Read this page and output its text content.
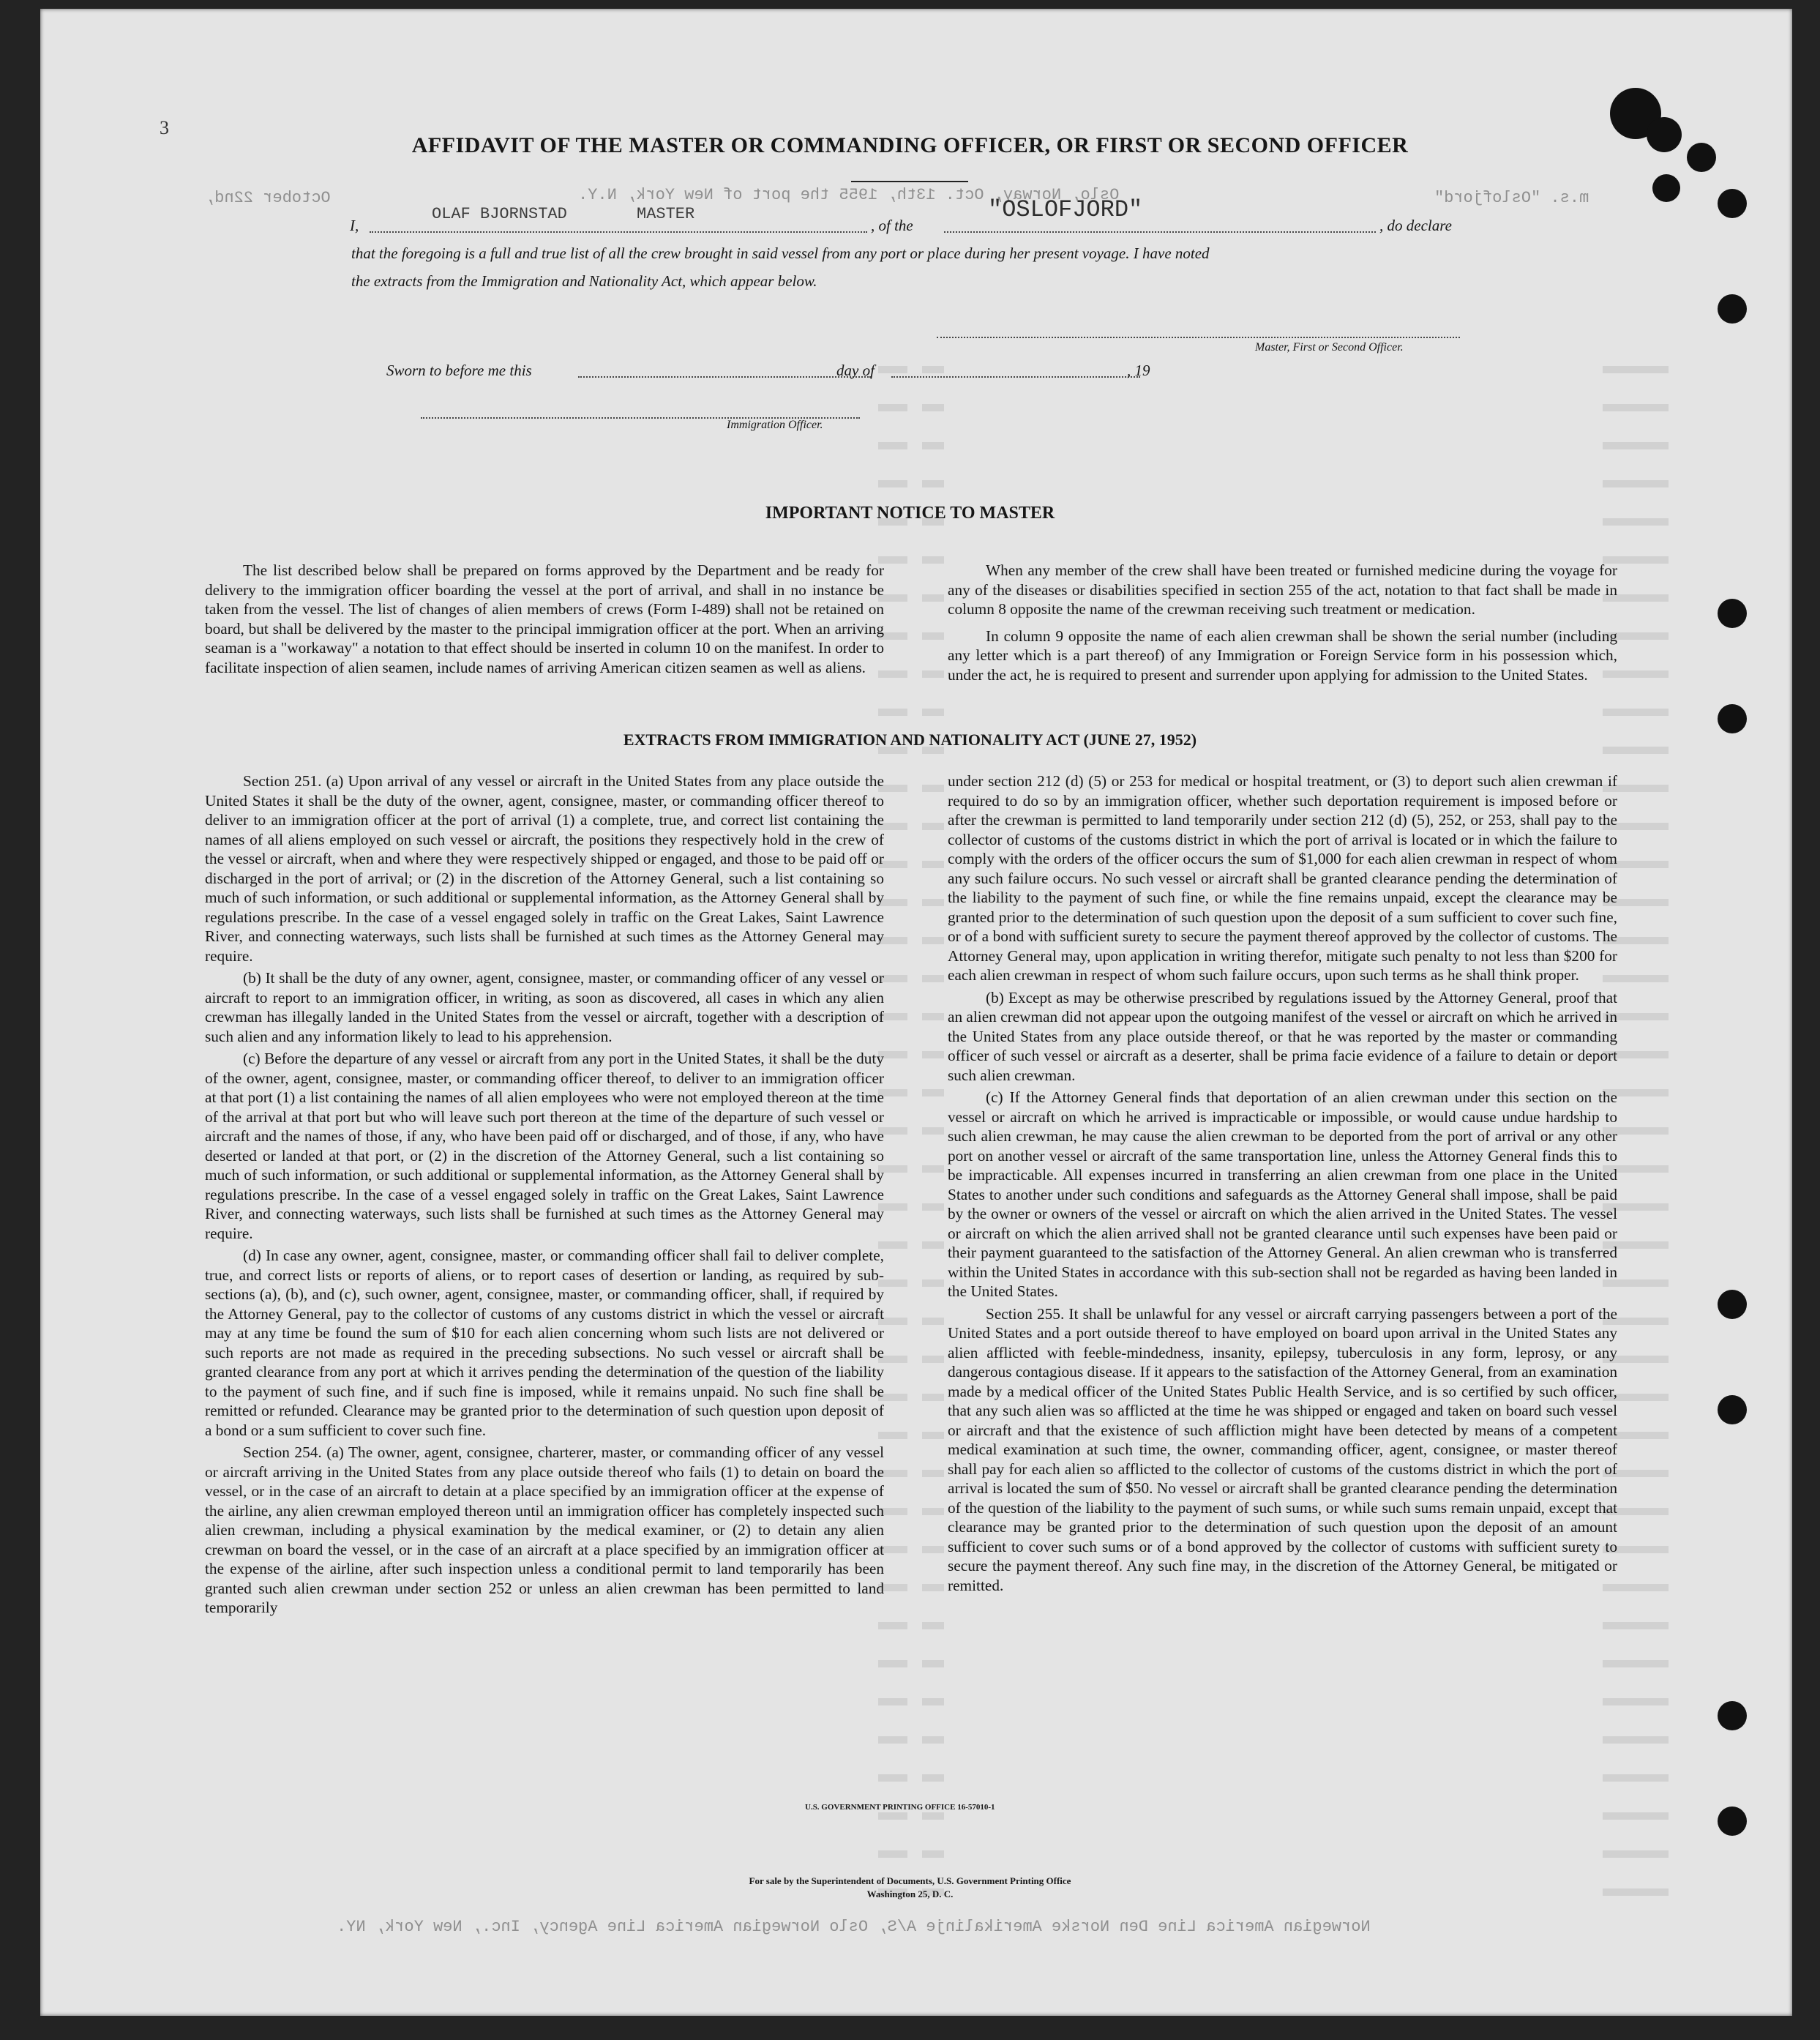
m.s. "Oslofjord"
October 22nd,	Oslo, Norway, Oct. 13th, 1955 the port of New York, N.Y.
Norwegian America Line Den Norske Amerikalinje A/S, Oslo Norwegian America Line Agency, Inc., New York, NY.
3
AFFIDAVIT OF THE MASTER OR COMMANDING OFFICER, OR FIRST OR SECOND OFFICER
I,
OLAF BJORNSTAD	MASTER
, of the
"OSLOFJORD"
, do declare
that the foregoing is a full and true list of all the crew brought in said vessel from any port or place during her present voyage. I have noted
the extracts from the Immigration and Nationality Act, which appear below.
Master, First or Second Officer.
Sworn to before me this	day of	, 19
Immigration Officer.
IMPORTANT NOTICE TO MASTER

The list described below shall be prepared on forms approved by the Department and be ready for delivery to the immigration officer boarding the vessel at the port of arrival, and shall in no instance be taken from the vessel. The list of changes of alien members of crews (Form I-489) shall not be retained on board, but shall be delivered by the master to the principal immigration officer at the port. When an arriving seaman is a "workaway" a notation to that effect should be inserted in column 10 on the manifest. In order to facilitate inspection of alien seamen, include names of arriving American citizen seamen as well as aliens.

When any member of the crew shall have been treated or furnished medicine during the voyage for any of the diseases or disabilities specified in section 255 of the act, notation to that fact shall be made in column 8 opposite the name of the crewman receiving such treatment or medication.

In column 9 opposite the name of each alien crewman shall be shown the serial number (including any letter which is a part thereof) of any Immigration or Foreign Service form in his possession which, under the act, he is required to present and surrender upon applying for admission to the United States.

EXTRACTS FROM IMMIGRATION AND NATIONALITY ACT (JUNE 27, 1952)

Section 251. (a) Upon arrival of any vessel or aircraft in the United States from any place outside the United States it shall be the duty of the owner, agent, consignee, master, or commanding officer thereof to deliver to an immigration officer at the port of arrival (1) a complete, true, and correct list containing the names of all aliens employed on such vessel or aircraft, the positions they respectively hold in the crew of the vessel or aircraft, when and where they were respectively shipped or engaged, and those to be paid off or discharged in the port of arrival; or (2) in the discretion of the Attorney General, such a list containing so much of such information, or such additional or supplemental information, as the Attorney General shall by regulations prescribe. In the case of a vessel engaged solely in traffic on the Great Lakes, Saint Lawrence River, and connecting waterways, such lists shall be furnished at such times as the Attorney General may require.

(b) It shall be the duty of any owner, agent, consignee, master, or commanding officer of any vessel or aircraft to report to an immigration officer, in writing, as soon as discovered, all cases in which any alien crewman has illegally landed in the United States from the vessel or aircraft, together with a description of such alien and any information likely to lead to his apprehension.

(c) Before the departure of any vessel or aircraft from any port in the United States, it shall be the duty of the owner, agent, consignee, master, or commanding officer thereof, to deliver to an immigration officer at that port (1) a list containing the names of all alien employees who were not employed thereon at the time of the arrival at that port but who will leave such port thereon at the time of the departure of such vessel or aircraft and the names of those, if any, who have been paid off or discharged, and of those, if any, who have deserted or landed at that port, or (2) in the discretion of the Attorney General, such a list containing so much of such information, or such additional or supplemental information, as the Attorney General shall by regulations prescribe. In the case of a vessel engaged solely in traffic on the Great Lakes, Saint Lawrence River, and connecting waterways, such lists shall be furnished at such times as the Attorney General may require.

(d) In case any owner, agent, consignee, master, or commanding officer shall fail to deliver complete, true, and correct lists or reports of aliens, or to report cases of desertion or landing, as required by sub-sections (a), (b), and (c), such owner, agent, consignee, master, or commanding officer, shall, if required by the Attorney General, pay to the collector of customs of any customs district in which the vessel or aircraft may at any time be found the sum of $10 for each alien concerning whom such lists are not delivered or such reports are not made as required in the preceding subsections. No such vessel or aircraft shall be granted clearance from any port at which it arrives pending the determination of the question of the liability to the payment of such fine, and if such fine is imposed, while it remains unpaid. No such fine shall be remitted or refunded. Clearance may be granted prior to the determination of such question upon deposit of a bond or a sum sufficient to cover such fine.

Section 254. (a) The owner, agent, consignee, charterer, master, or commanding officer of any vessel or aircraft arriving in the United States from any place outside thereof who fails (1) to detain on board the vessel, or in the case of an aircraft to detain at a place specified by an immigration officer at the expense of the airline, any alien crewman employed thereon until an immigration officer has completely inspected such alien crewman, including a physical examination by the medical examiner, or (2) to detain any alien crewman on board the vessel, or in the case of an aircraft at a place specified by an immigration officer at the expense of the airline, after such inspection unless a conditional permit to land temporarily has been granted such alien crewman under section 252 or unless an alien crewman has been permitted to land temporarily

under section 212 (d) (5) or 253 for medical or hospital treatment, or (3) to deport such alien crewman if required to do so by an immigration officer, whether such deportation requirement is imposed before or after the crewman is permitted to land temporarily under section 212 (d) (5), 252, or 253, shall pay to the collector of customs of the customs district in which the port of arrival is located or in which the failure to comply with the orders of the officer occurs the sum of $1,000 for each alien crewman in respect of whom any such failure occurs. No such vessel or aircraft shall be granted clearance pending the determination of the liability to the payment of such fine, or while the fine remains unpaid, except the clearance may be granted prior to the determination of such question upon the deposit of a sum sufficient to cover such fine, or of a bond with sufficient surety to secure the payment thereof approved by the collector of customs. The Attorney General may, upon application in writing therefor, mitigate such penalty to not less than $200 for each alien crewman in respect of whom such failure occurs, upon such terms as he shall think proper.

(b) Except as may be otherwise prescribed by regulations issued by the Attorney General, proof that an alien crewman did not appear upon the outgoing manifest of the vessel or aircraft on which he arrived in the United States from any place outside thereof, or that he was reported by the master or commanding officer of such vessel or aircraft as a deserter, shall be prima facie evidence of a failure to detain or deport such alien crewman.

(c) If the Attorney General finds that deportation of an alien crewman under this section on the vessel or aircraft on which he arrived is impracticable or impossible, or would cause undue hardship to such alien crewman, he may cause the alien crewman to be deported from the port of arrival or any other port on another vessel or aircraft of the same transportation line, unless the Attorney General finds this to be impracticable. All expenses incurred in transferring an alien crewman from one place in the United States to another under such conditions and safeguards as the Attorney General shall impose, shall be paid by the owner or owners of the vessel or aircraft on which the alien arrived in the United States. The vessel or aircraft on which the alien arrived shall not be granted clearance until such expenses have been paid or their payment guaranteed to the satisfaction of the Attorney General. An alien crewman who is transferred within the United States in accordance with this sub-section shall not be regarded as having been landed in the United States.

Section 255. It shall be unlawful for any vessel or aircraft carrying passengers between a port of the United States and a port outside thereof to have employed on board upon arrival in the United States any alien afflicted with feeble-mindedness, insanity, epilepsy, tuberculosis in any form, leprosy, or any dangerous contagious disease. If it appears to the satisfaction of the Attorney General, from an examination made by a medical officer of the United States Public Health Service, and is so certified by such officer, that any such alien was so afflicted at the time he was shipped or engaged and taken on board such vessel or aircraft and that the existence of such affliction might have been detected by means of a competent medical examination at such time, the owner, commanding officer, agent, consignee, or master thereof shall pay for each alien so afflicted to the collector of customs of the customs district in which the port of arrival is located the sum of $50. No vessel or aircraft shall be granted clearance pending the determination of the question of the liability to the payment of such sums, or while such sums remain unpaid, except that clearance may be granted prior to the determination of such question upon the deposit of an amount sufficient to cover such sums or of a bond approved by the collector of customs with sufficient surety to secure the payment thereof. Any such fine may, in the discretion of the Attorney General, be mitigated or remitted.

U.S. GOVERNMENT PRINTING OFFICE 16-57010-1
For sale by the Superintendent of Documents, U.S. Government Printing Office
Washington 25, D. C.
